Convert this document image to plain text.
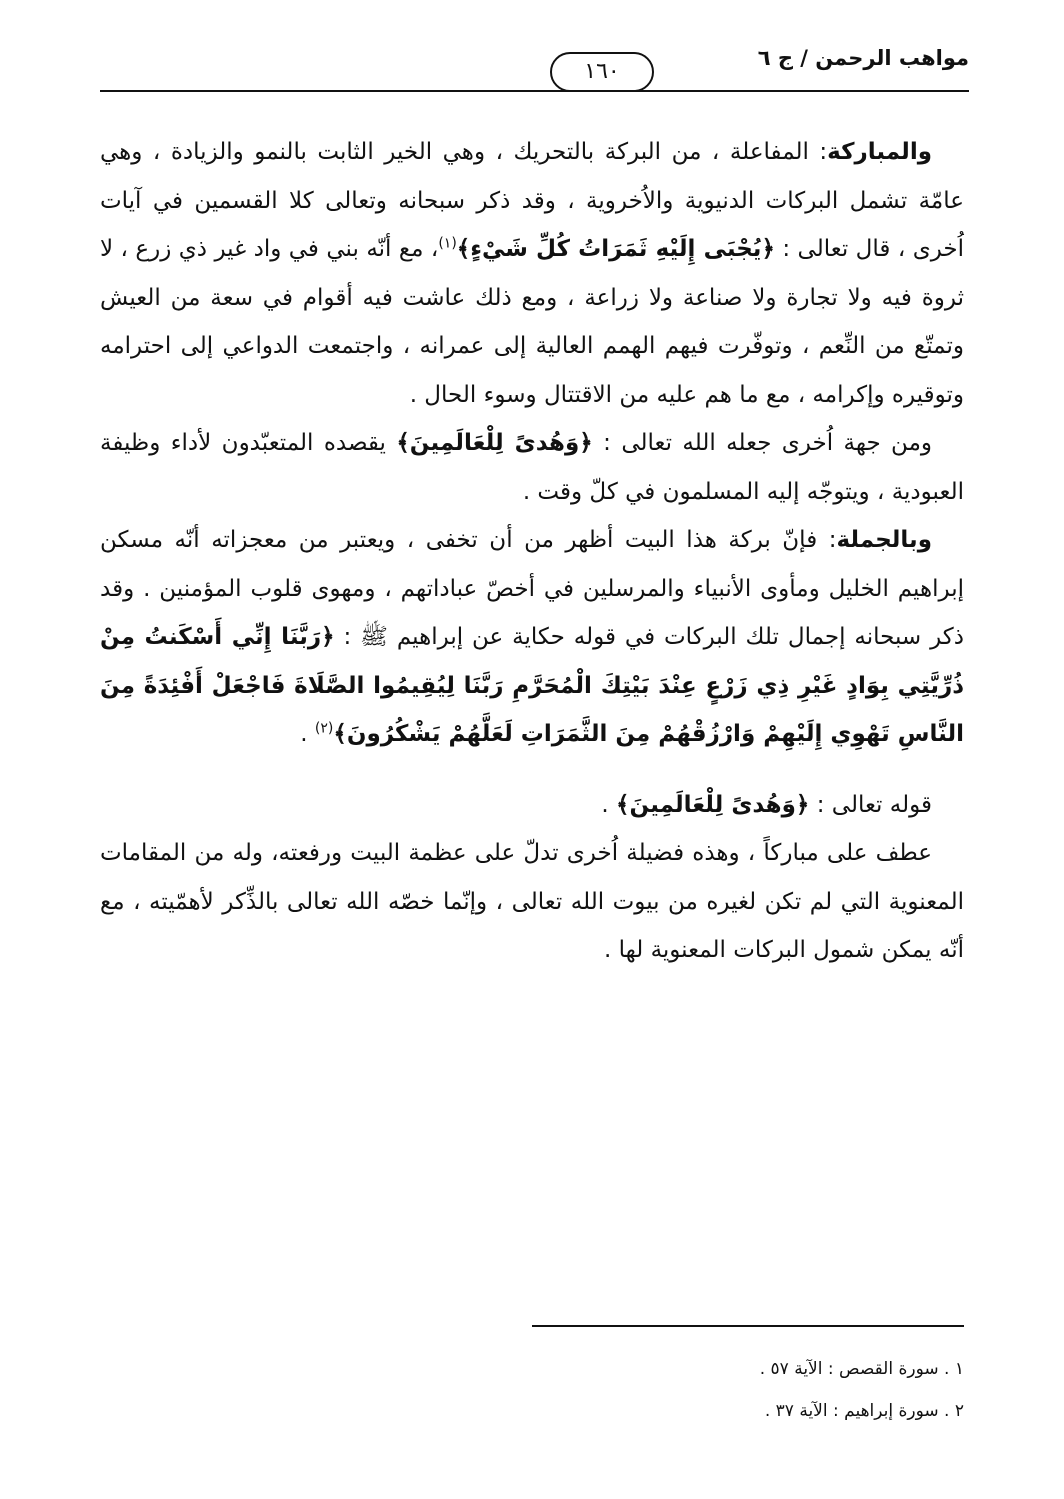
مواهب الرحمن / ج ٦
١٦٠

والمباركة: المفاعلة ، من البركة بالتحريك ، وهي الخير الثابت بالنمو والزيادة ، وهي عامّة تشمل البركات الدنيوية والاُخروية ، وقد ذكر سبحانه وتعالى كلا القسمين في آيات اُخرى ، قال تعالى : ﴿يُجْبَى إِلَيْهِ ثَمَرَاتُ كُلِّ شَيْءٍ﴾$^{(١)}$، مع أنّه بني في واد غير ذي زرع ، لا ثروة فيه ولا تجارة ولا صناعة ولا زراعة ، ومع ذلك عاشت فيه أقوام في سعة من العيش وتمتّع من النِّعم ، وتوفّرت فيهم الهمم العالية إلى عمرانه ، واجتمعت الدواعي إلى احترامه وتوقيره وإكرامه ، مع ما هم عليه من الاقتتال وسوء الحال .

ومن جهة اُخرى جعله الله تعالى : ﴿وَهُدىً لِلْعَالَمِينَ﴾ يقصده المتعبّدون لأداء وظيفة العبودية ، ويتوجّه إليه المسلمون في كلّ وقت .

وبالجملة: فإنّ بركة هذا البيت أظهر من أن تخفى ، ويعتبر من معجزاته أنّه مسكن إبراهيم الخليل ومأوى الأنبياء والمرسلين في أخصّ عباداتهم ، ومهوى قلوب المؤمنين . وقد ذكر سبحانه إجمال تلك البركات في قوله حكاية عن إبراهيم ﷺ : ﴿رَبَّنَا إِنِّي أَسْكَنتُ مِنْ ذُرِّيَّتِي بِوَادٍ غَيْرِ ذِي زَرْعٍ عِنْدَ بَيْتِكَ الْمُحَرَّمِ رَبَّنَا لِيُقِيمُوا الصَّلَاةَ فَاجْعَلْ أَفْئِدَةً مِنَ النَّاسِ تَهْوِي إِلَيْهِمْ وَارْزُقْهُمْ مِنَ الثَّمَرَاتِ لَعَلَّهُمْ يَشْكُرُونَ﴾$^{(٢)}$ .

قوله تعالى : ﴿وَهُدىً لِلْعَالَمِينَ﴾ .

عطف على مباركاً ، وهذه فضيلة اُخرى تدلّ على عظمة البيت ورفعته، وله من المقامات المعنوية التي لم تكن لغيره من بيوت الله تعالى ، وإنّما خصّه الله تعالى بالذِّكر لأهمّيته ، مع أنّه يمكن شمول البركات المعنوية لها .

١ . سورة القصص : الآية ٥٧ .

٢ . سورة إبراهيم : الآية ٣٧ .
